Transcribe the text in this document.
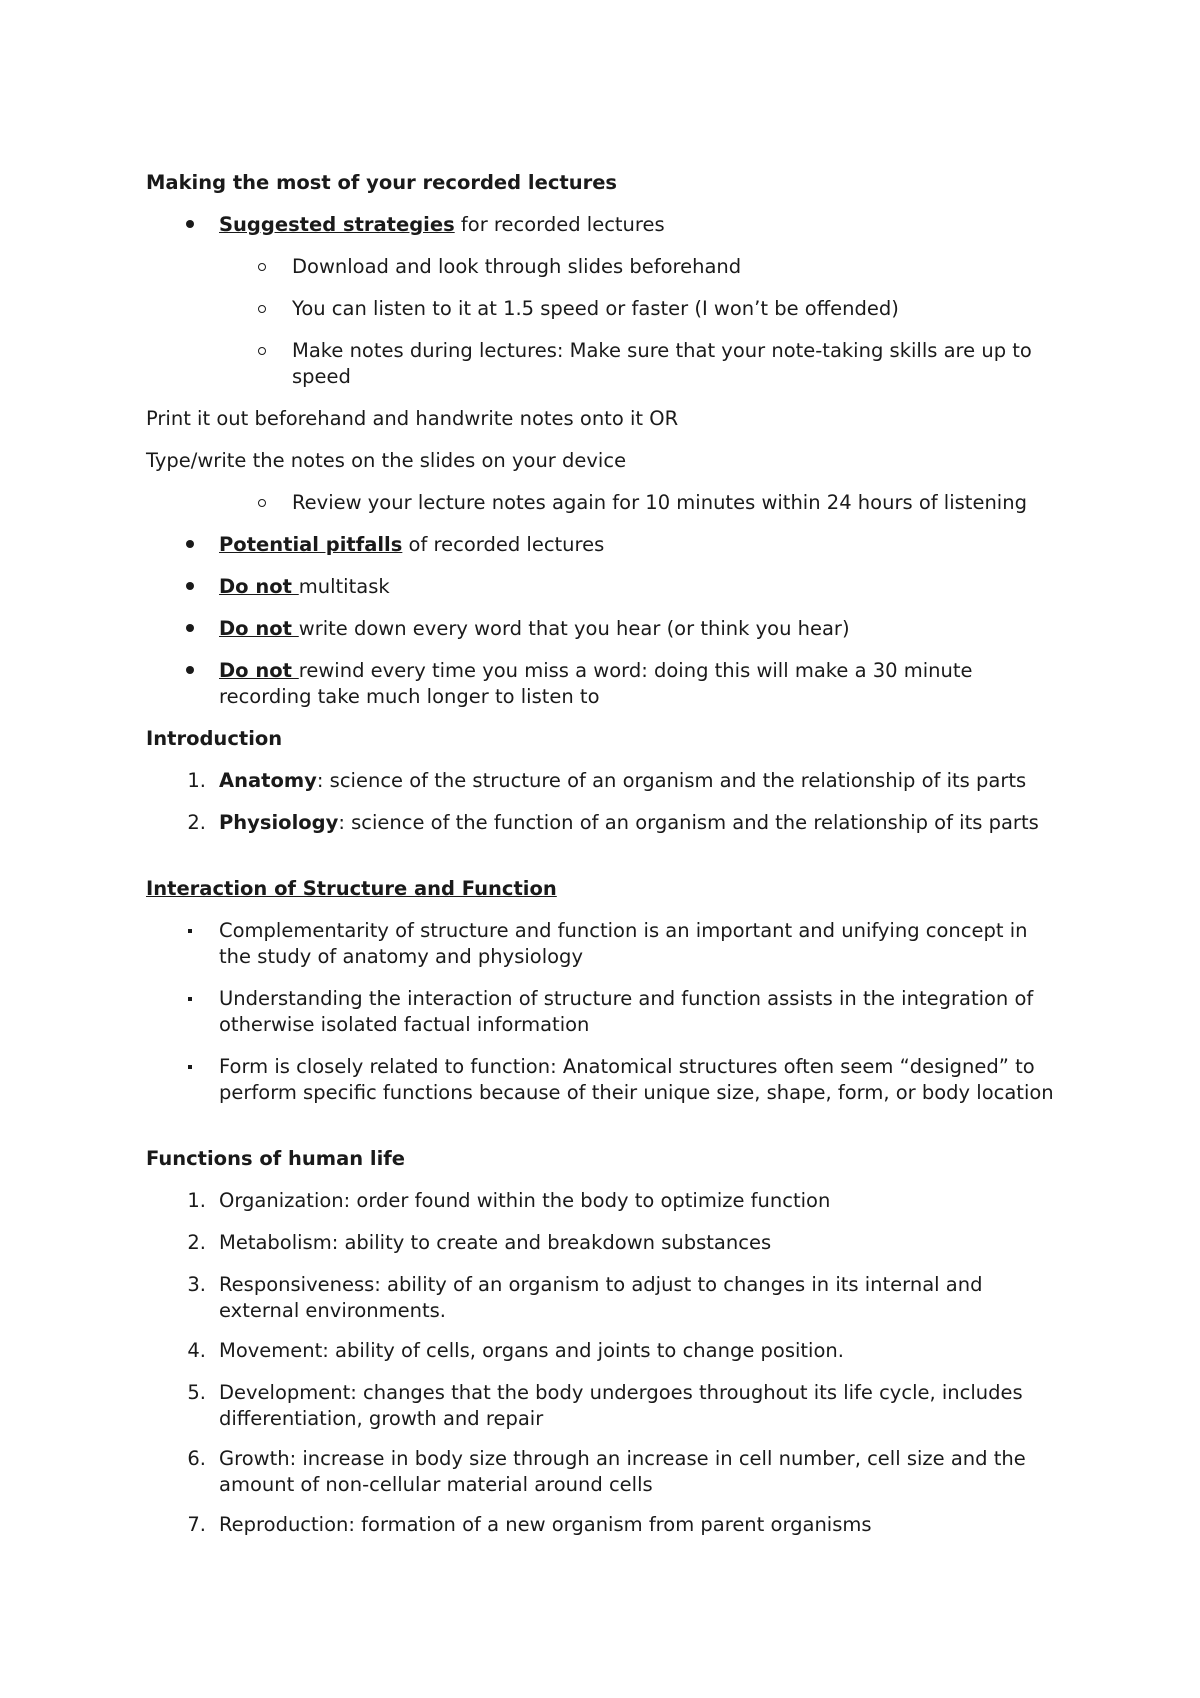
Making the most of your recorded lectures
Suggested strategies for recorded lectures
Download and look through slides beforehand
You can listen to it at 1.5 speed or faster (I won’t be offended)
Make notes during lectures: Make sure that your note-taking skills are up to speed
Print it out beforehand and handwrite notes onto it OR
Type/write the notes on the slides on your device
Review your lecture notes again for 10 minutes within 24 hours of listening
Potential pitfalls of recorded lectures
Do not multitask
Do not write down every word that you hear (or think you hear)
Do not rewind every time you miss a word: doing this will make a 30 minute recording take much longer to listen to
Introduction
1. Anatomy: science of the structure of an organism and the relationship of its parts
2. Physiology: science of the function of an organism and the relationship of its parts
Interaction of Structure and Function
Complementarity of structure and function is an important and unifying concept in the study of anatomy and physiology
Understanding the interaction of structure and function assists in the integration of otherwise isolated factual information
Form is closely related to function: Anatomical structures often seem “designed” to perform specific functions because of their unique size, shape, form, or body location
Functions of human life
1. Organization: order found within the body to optimize function
2. Metabolism: ability to create and breakdown substances
3. Responsiveness: ability of an organism to adjust to changes in its internal and external environments.
4. Movement: ability of cells, organs and joints to change position.
5. Development: changes that the body undergoes throughout its life cycle, includes differentiation, growth and repair
6. Growth: increase in body size through an increase in cell number, cell size and the amount of non-cellular material around cells
7. Reproduction: formation of a new organism from parent organisms
